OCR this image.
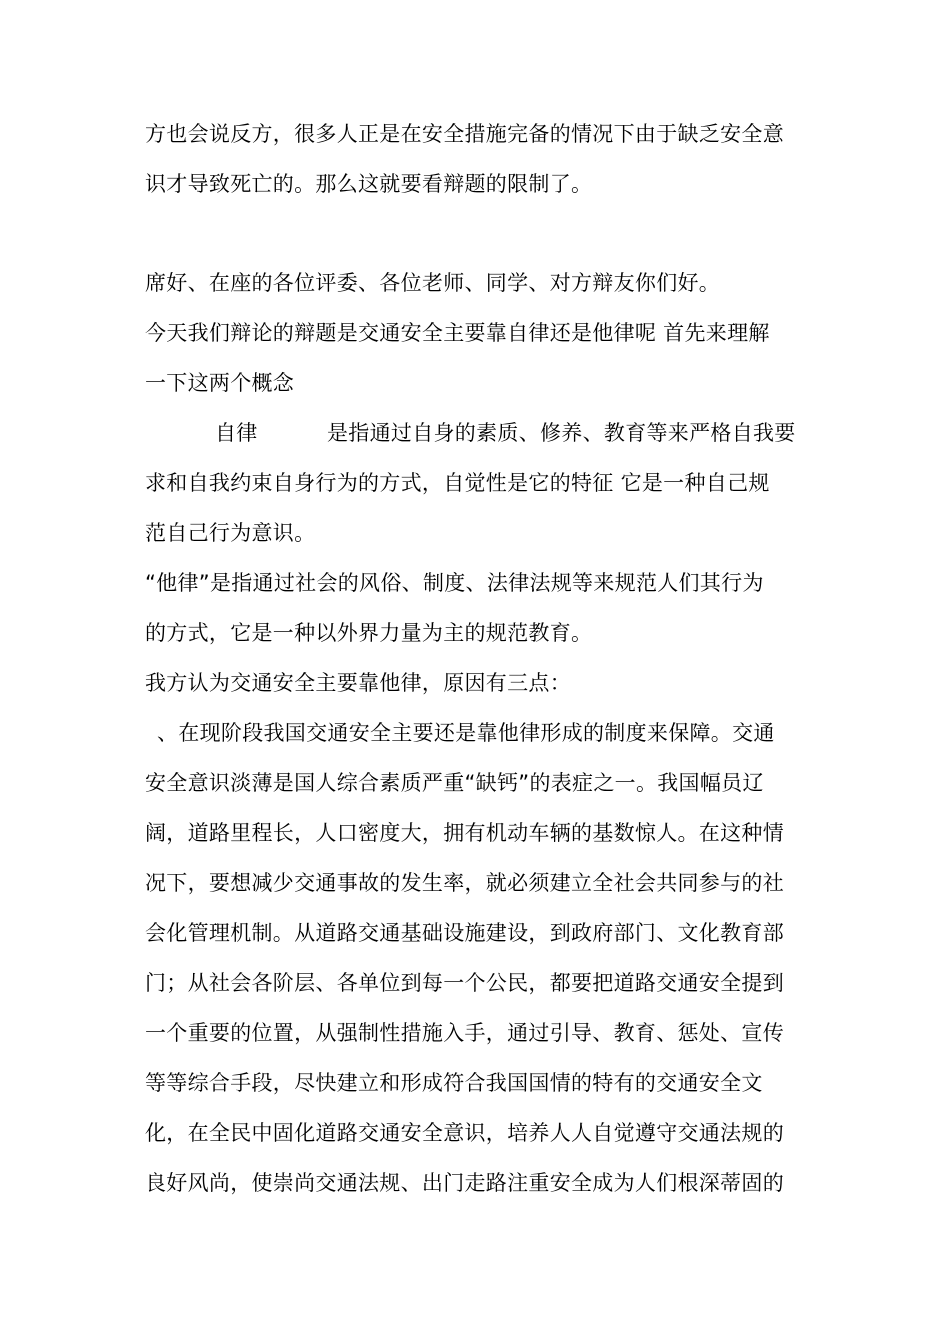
方也会说反方，很多人正是在安全措施完备的情况下由于缺乏安全意
识才导致死亡的。那么这就要看辩题的限制了。
席好、在座的各位评委、各位老师、同学、对方辩友你们好。
今天我们辩论的辩题是交通安全主要靠自律还是他律呢 首先来理解
一下这两个概念
自律	是指通过自身的素质、修养、教育等来严格自我要
求和自我约束自身行为的方式，自觉性是它的特征 它是一种自己规
范自己行为意识。
“他律”是指通过社会的风俗、制度、法律法规等来规范人们其行为
的方式，它是一种以外界力量为主的规范教育。
我方认为交通安全主要靠他律，原因有三点：
、在现阶段我国交通安全主要还是靠他律形成的制度来保障。交通
安全意识淡薄是国人综合素质严重“缺钙”的表症之一。我国幅员辽
阔，道路里程长，人口密度大，拥有机动车辆的基数惊人。在这种情
况下，要想减少交通事故的发生率，就必须建立全社会共同参与的社
会化管理机制。从道路交通基础设施建设，到政府部门、文化教育部
门；从社会各阶层、各单位到每一个公民，都要把道路交通安全提到
一个重要的位置，从强制性措施入手，通过引导、教育、惩处、宣传
等等综合手段，尽快建立和形成符合我国国情的特有的交通安全文
化，在全民中固化道路交通安全意识，培养人人自觉遵守交通法规的
良好风尚，使崇尚交通法规、出门走路注重安全成为人们根深蒂固的
